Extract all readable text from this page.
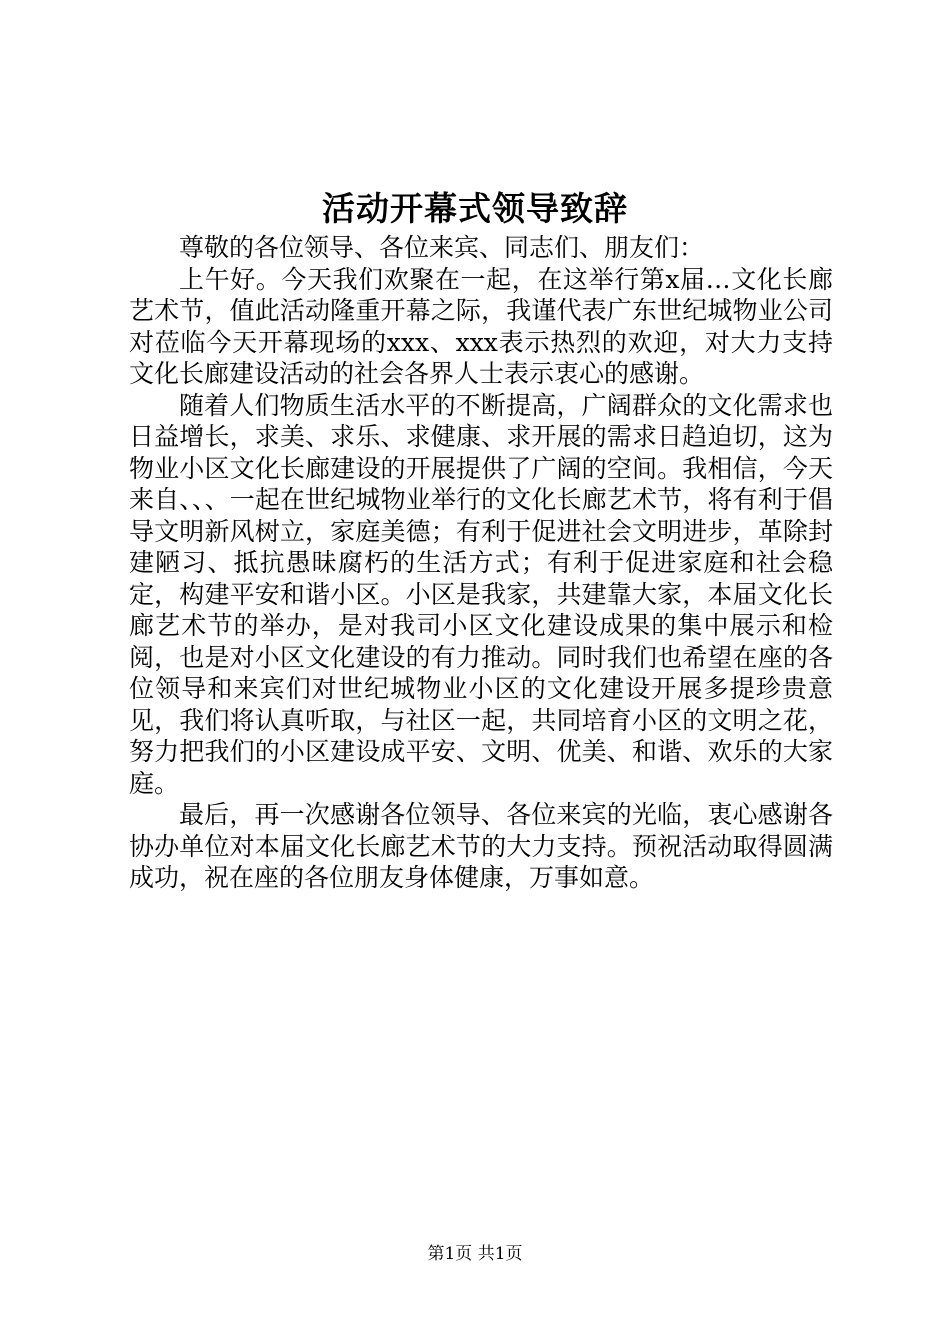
活动开幕式领导致辞

尊敬的各位领导、各位来宾、同志们、朋友们：

上午好。今天我们欢聚在一起，在这举行第x届…文化长廊艺术节，值此活动隆重开幕之际，我谨代表广东世纪城物业公司对莅临今天开幕现场的xxx、xxx表示热烈的欢迎，对大力支持文化长廊建设活动的社会各界人士表示衷心的感谢。

随着人们物质生活水平的不断提高，广阔群众的文化需求也日益增长，求美、求乐、求健康、求开展的需求日趋迫切，这为物业小区文化长廊建设的开展提供了广阔的空间。我相信，今天来自、、、一起在世纪城物业举行的文化长廊艺术节，将有利于倡导文明新风树立，家庭美德；有利于促进社会文明进步，革除封建陋习、抵抗愚昧腐朽的生活方式；有利于促进家庭和社会稳定，构建平安和谐小区。小区是我家，共建靠大家，本届文化长廊艺术节的举办，是对我司小区文化建设成果的集中展示和检阅，也是对小区文化建设的有力推动。同时我们也希望在座的各位领导和来宾们对世纪城物业小区的文化建设开展多提珍贵意见，我们将认真听取，与社区一起，共同培育小区的文明之花，努力把我们的小区建设成平安、文明、优美、和谐、欢乐的大家庭。

最后，再一次感谢各位领导、各位来宾的光临，衷心感谢各协办单位对本届文化长廊艺术节的大力支持。预祝活动取得圆满成功，祝在座的各位朋友身体健康，万事如意。

第1页 共1页
